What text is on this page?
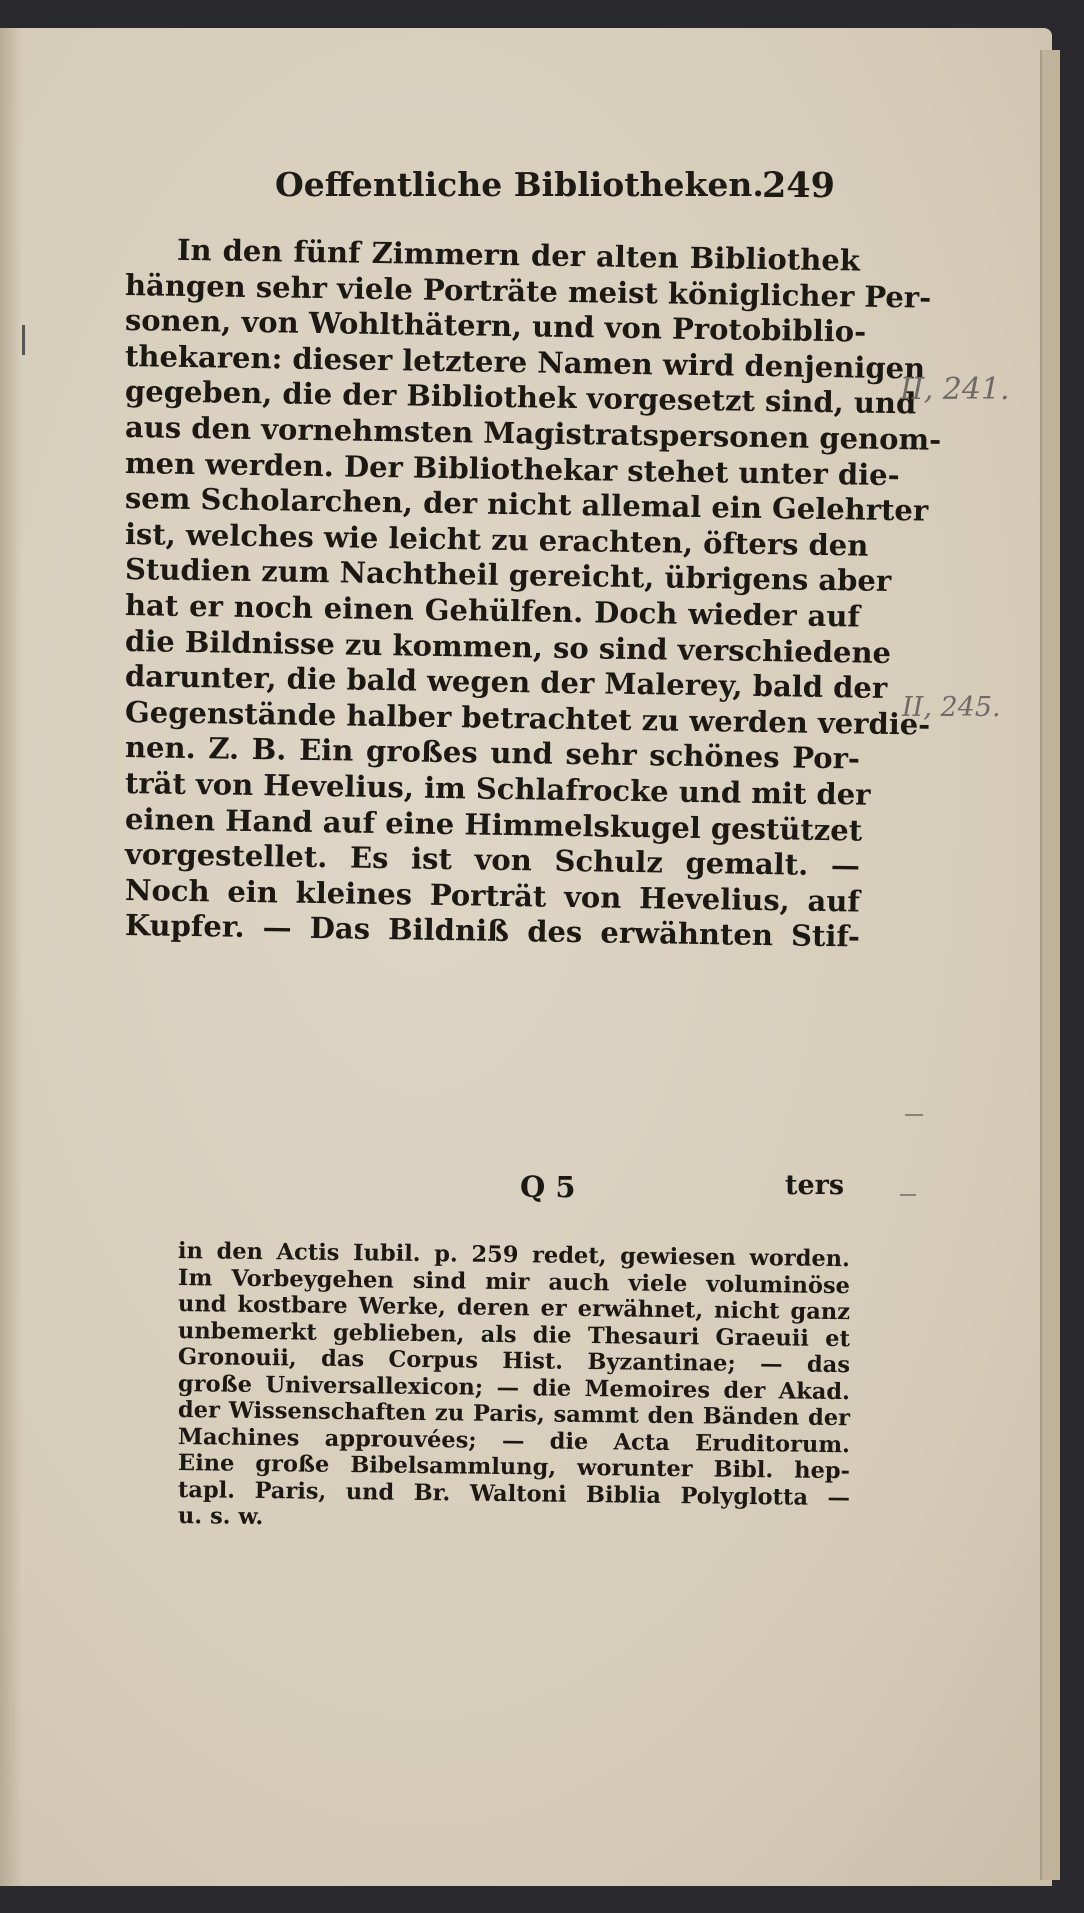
Oeffentliche Bibliotheken.
249
In den fünf Zimmern der alten Bibliothek
hängen sehr viele Porträte meist königlicher Per-
sonen, von Wohlthätern, und von Protobiblio-
thekaren: dieser letztere Namen wird denjenigen
gegeben, die der Bibliothek vorgesetzt sind, und
aus den vornehmsten Magistratspersonen genom-
men werden. Der Bibliothekar stehet unter die-
sem Scholarchen, der nicht allemal ein Gelehrter
ist, welches wie leicht zu erachten, öfters den
Studien zum Nachtheil gereicht, übrigens aber
hat er noch einen Gehülfen. Doch wieder auf
die Bildnisse zu kommen, so sind verschiedene
darunter, die bald wegen der Malerey, bald der
Gegenstände halber betrachtet zu werden verdie-
nen. Z. B. Ein großes und sehr schönes Por-
trät von Hevelius, im Schlafrocke und mit der
einen Hand auf eine Himmelskugel gestützet
vorgestellet. Es ist von Schulz gemalt. —
Noch ein kleines Porträt von Hevelius, auf
Kupfer. — Das Bildniß des erwähnten Stif-
Q 5	ters
in den Actis Iubil. p. 259 redet, gewiesen worden.
Im Vorbeygehen sind mir auch viele voluminöse
und kostbare Werke, deren er erwähnet, nicht ganz
unbemerkt geblieben, als die Thesauri Graeuii et
Gronouii, das Corpus Hist. Byzantinae; — das
große Universallexicon; — die Memoires der Akad.
der Wissenschaften zu Paris, sammt den Bänden der
Machines approuvées; — die Acta Eruditorum.
Eine große Bibelsammlung, worunter Bibl. hep-
tapl. Paris, und Br. Waltoni Biblia Polyglotta —
u. s. w.
II, 241.
II, 245.
